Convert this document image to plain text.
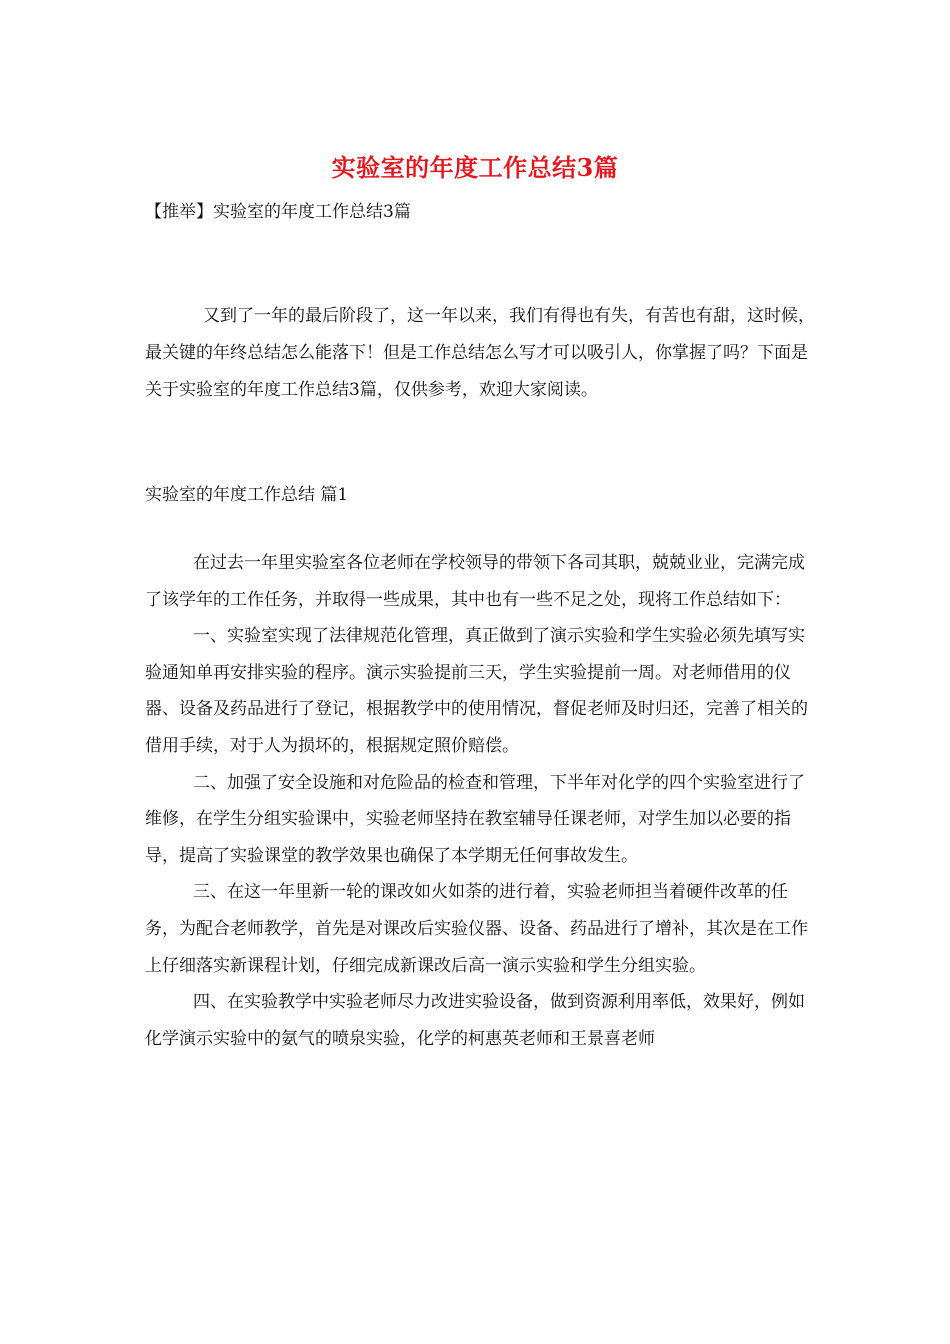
实验室的年度工作总结3篇
【推举】实验室的年度工作总结3篇

又到了一年的最后阶段了，这一年以来，我们有得也有失，有苦也有甜，这时候，最关键的年终总结怎么能落下！但是工作总结怎么写才可以吸引人，你掌握了吗？下面是关于实验室的年度工作总结3篇，仅供参考，欢迎大家阅读。

实验室的年度工作总结 篇1

在过去一年里实验室各位老师在学校领导的带领下各司其职，兢兢业业，完满完成了该学年的工作任务，并取得一些成果，其中也有一些不足之处，现将工作总结如下：

一、实验室实现了法律规范化管理，真正做到了演示实验和学生实验必须先填写实验通知单再安排实验的程序。演示实验提前三天，学生实验提前一周。对老师借用的仪器、设备及药品进行了登记，根据教学中的使用情况，督促老师及时归还，完善了相关的借用手续，对于人为损坏的，根据规定照价赔偿。

二、加强了安全设施和对危险品的检查和管理，下半年对化学的四个实验室进行了维修，在学生分组实验课中，实验老师坚持在教室辅导任课老师，对学生加以必要的指导，提高了实验课堂的教学效果也确保了本学期无任何事故发生。

三、在这一年里新一轮的课改如火如荼的进行着，实验老师担当着硬件改革的任务，为配合老师教学，首先是对课改后实验仪器、设备、药品进行了增补，其次是在工作上仔细落实新课程计划，仔细完成新课改后高一演示实验和学生分组实验。

四、在实验教学中实验老师尽力改进实验设备，做到资源利用率低，效果好，例如化学演示实验中的氨气的喷泉实验，化学的柯惠英老师和王景喜老师
